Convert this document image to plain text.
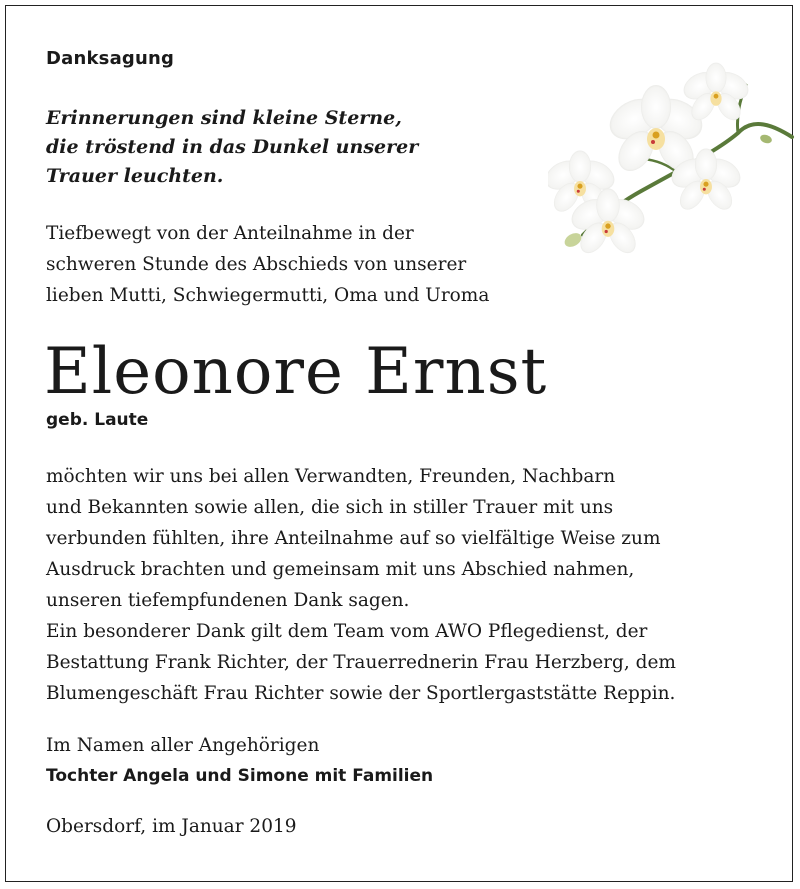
Danksagung
Erinnerungen sind kleine Sterne,
die tröstend in das Dunkel unserer
Trauer leuchten.
Tiefbewegt von der Anteilnahme in der
schweren Stunde des Abschieds von unserer
lieben Mutti, Schwiegermutti, Oma und Uroma
Eleonore Ernst
geb. Laute
möchten wir uns bei allen Verwandten, Freunden, Nachbarn
und Bekannten sowie allen, die sich in stiller Trauer mit uns
verbunden fühlten, ihre Anteilnahme auf so vielfältige Weise zum
Ausdruck brachten und gemeinsam mit uns Abschied nahmen,
unseren tiefempfundenen Dank sagen.
Ein besonderer Dank gilt dem Team vom AWO Pflegedienst, der
Bestattung Frank Richter, der Trauerrednerin Frau Herzberg, dem
Blumengeschäft Frau Richter sowie der Sportlergaststätte Reppin.
Im Namen aller Angehörigen
Tochter Angela und Simone mit Familien
Obersdorf, im Januar 2019
